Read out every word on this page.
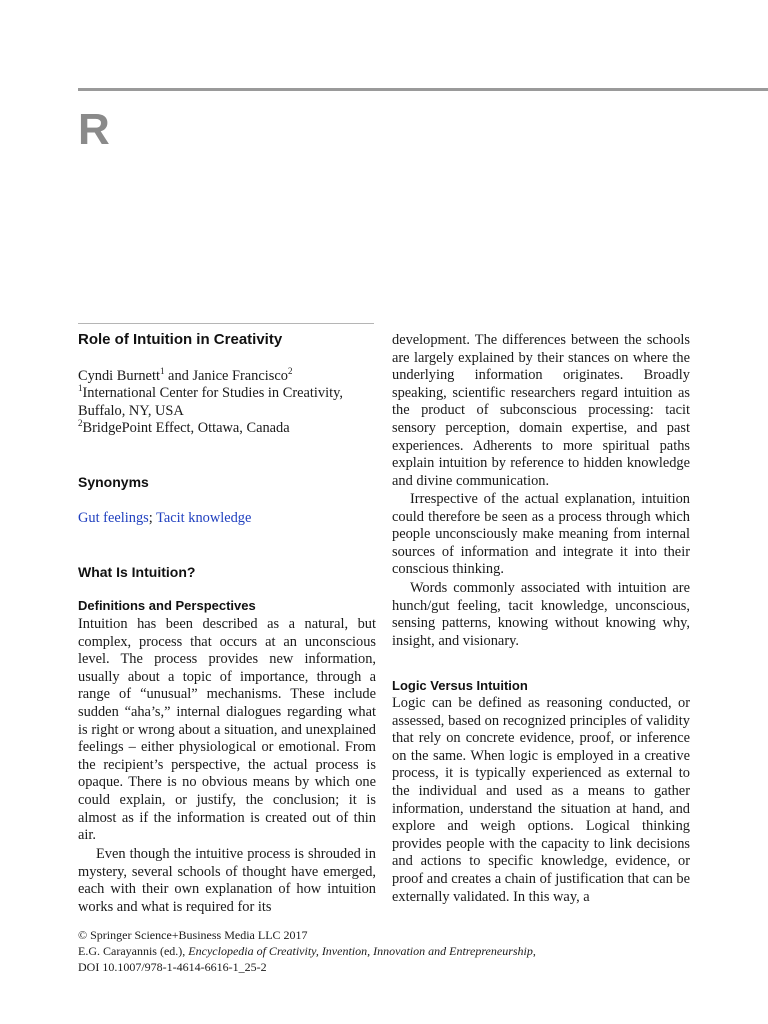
R
Role of Intuition in Creativity
Cyndi Burnett$^1$ and Janice Francisco$^2$
$^1$International Center for Studies in Creativity, Buffalo, NY, USA
$^2$BridgePoint Effect, Ottawa, Canada
Synonyms
Gut feelings; Tacit knowledge
What Is Intuition?
Definitions and Perspectives
Intuition has been described as a natural, but complex, process that occurs at an unconscious level. The process provides new information, usually about a topic of importance, through a range of “unusual” mechanisms. These include sudden “aha’s,” internal dialogues regarding what is right or wrong about a situation, and unexplained feelings – either physiological or emotional. From the recipient’s perspective, the actual process is opaque. There is no obvious means by which one could explain, or justify, the conclusion; it is almost as if the information is created out of thin air.
Even though the intuitive process is shrouded in mystery, several schools of thought have emerged, each with their own explanation of how intuition works and what is required for its
development. The differences between the schools are largely explained by their stances on where the underlying information originates. Broadly speaking, scientific researchers regard intuition as the product of subconscious processing: tacit sensory perception, domain expertise, and past experiences. Adherents to more spiritual paths explain intuition by reference to hidden knowledge and divine communication.
Irrespective of the actual explanation, intuition could therefore be seen as a process through which people unconsciously make meaning from internal sources of information and integrate it into their conscious thinking.
Words commonly associated with intuition are hunch/gut feeling, tacit knowledge, unconscious, sensing patterns, knowing without knowing why, insight, and visionary.
Logic Versus Intuition
Logic can be defined as reasoning conducted, or assessed, based on recognized principles of validity that rely on concrete evidence, proof, or inference on the same. When logic is employed in a creative process, it is typically experienced as external to the individual and used as a means to gather information, understand the situation at hand, and explore and weigh options. Logical thinking provides people with the capacity to link decisions and actions to specific knowledge, evidence, or proof and creates a chain of justification that can be externally validated. In this way, a
© Springer Science+Business Media LLC 2017
E.G. Carayannis (ed.), Encyclopedia of Creativity, Invention, Innovation and Entrepreneurship,
DOI 10.1007/978-1-4614-6616-1_25-2
